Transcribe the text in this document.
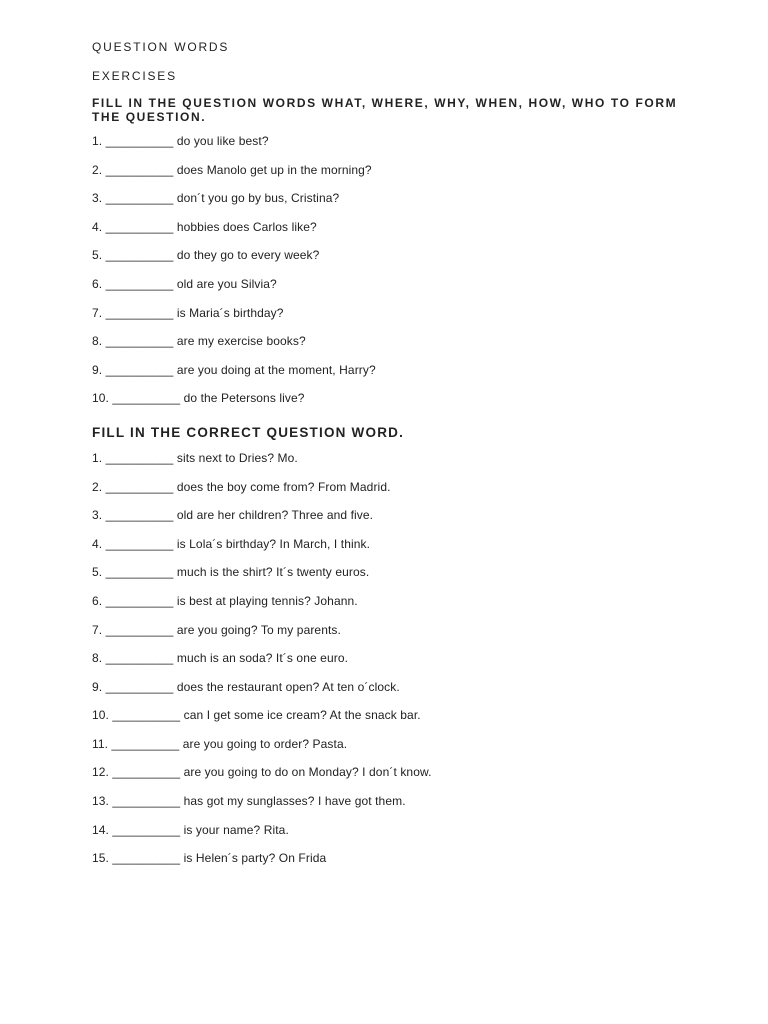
QUESTION WORDS
EXERCISES

FILL IN THE QUESTION WORDS WHAT, WHERE, WHY, WHEN, HOW, WHO TO FORM THE QUESTION.

1. __________ do you like best?
2. __________ does Manolo get up in the morning?
3. __________ don´t you go by bus, Cristina?
4. __________ hobbies does Carlos like?
5. __________ do they go to every week?
6. __________ old are you Silvia?
7. __________ is Maria´s birthday?
8. __________ are my exercise books?
9. __________ are you doing at the moment, Harry?
10. __________ do the Petersons live?
FILL IN THE CORRECT QUESTION WORD.
1. __________ sits next to Dries? Mo.
2. __________ does the boy come from? From Madrid.
3. __________ old are her children? Three and five.
4. __________ is Lola´s birthday? In March, I think.
5. __________ much is the shirt? It´s twenty euros.
6. __________ is best at playing tennis? Johann.
7. __________ are you going? To my parents.
8. __________ much is an soda? It´s one euro.
9. __________ does the restaurant open? At ten o´clock.
10. __________ can I get some ice cream? At the snack bar.
11. __________ are you going to order? Pasta.
12. __________ are you going to do on Monday? I don´t know.
13. __________ has got my sunglasses? I have got them.
14. __________ is your name? Rita.
15. __________ is Helen´s party? On Frida
